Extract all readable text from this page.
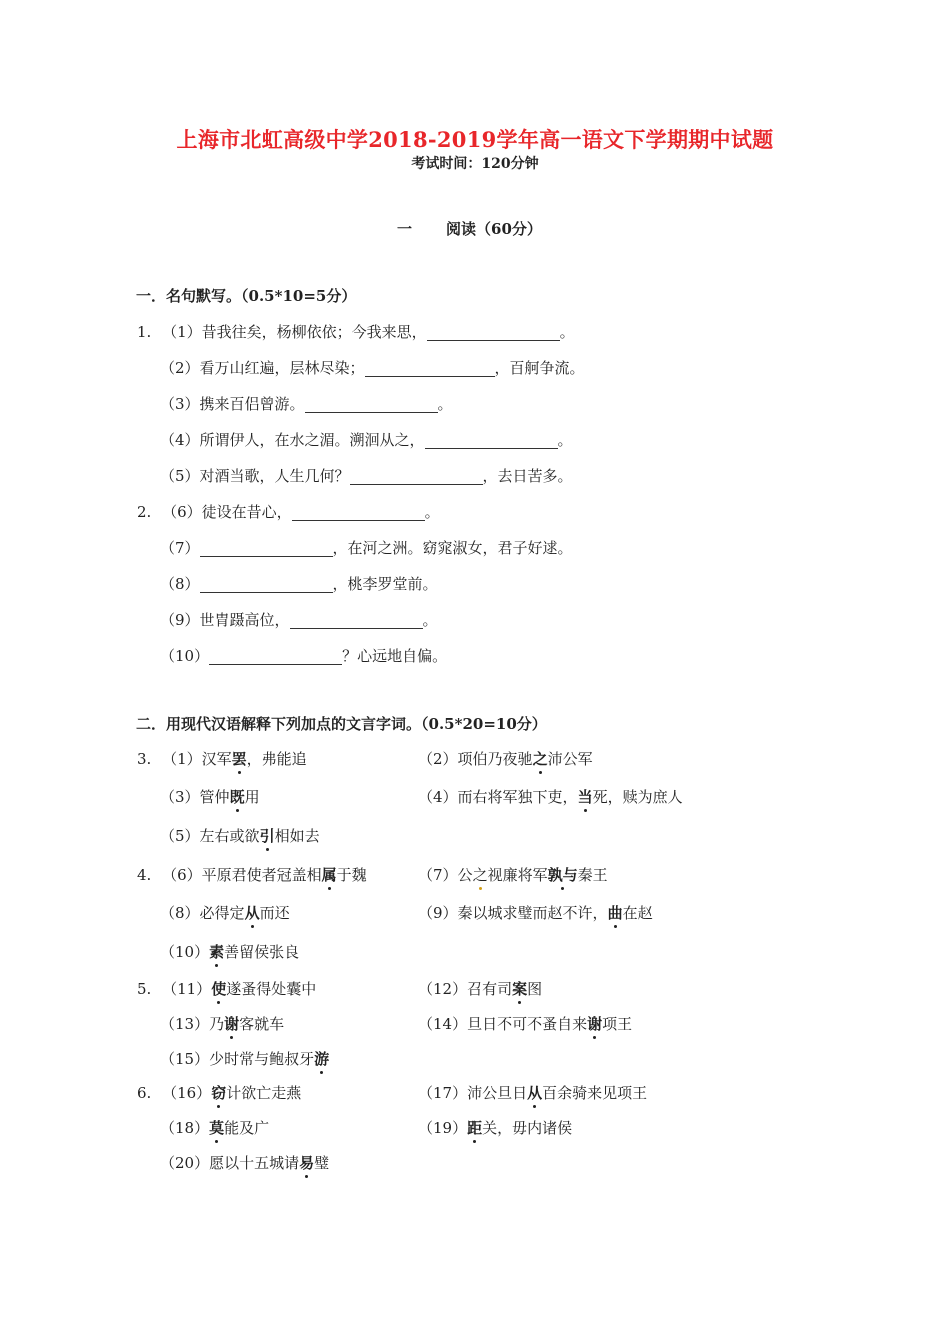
上海市北虹高级中学2018-2019学年高一语文下学期期中试题
考试时间：120分钟
一 阅读（60分）
一．名句默写。（0.5*10=5分）
1. （1）昔我往矣，杨柳依依；今我来思，	。
（2）看万山红遍，层林尽染；	，百舸争流。
（3）携来百侣曾游。	。
（4）所谓伊人，在水之湄。溯洄从之，	。
（5）对酒当歌，人生几何？	，去日苦多。
2. （6）徒设在昔心，	。
（7）	，在河之洲。窈窕淑女，君子好逑。
（8）	，桃李罗堂前。
（9）世胄蹑高位，	。
（10）	？心远地自偏。
二．用现代汉语解释下列加点的文言字词。（0.5*20=10分）
3. （1）汉军罢，弗能追	（2）项伯乃夜驰之沛公军
（3）管仲既用	（4）而右将军独下吏，当死，赎为庶人
（5）左右或欲引相如去
4. （6）平原君使者冠盖相属于魏	（7）公之视廉将军孰与秦王
（8）必得定从而还	（9）秦以城求璧而赵不许，曲在赵
（10）素善留侯张良
5. （11）使遂蚤得处囊中	（12）召有司案图
（13）乃谢客就车	（14）旦日不可不蚤自来谢项王
（15）少时常与鲍叔牙游
6. （16）窃计欲亡走燕	（17）沛公旦日从百余骑来见项王
（18）莫能及广	（19）距关，毋内诸侯
（20）愿以十五城请易璧
